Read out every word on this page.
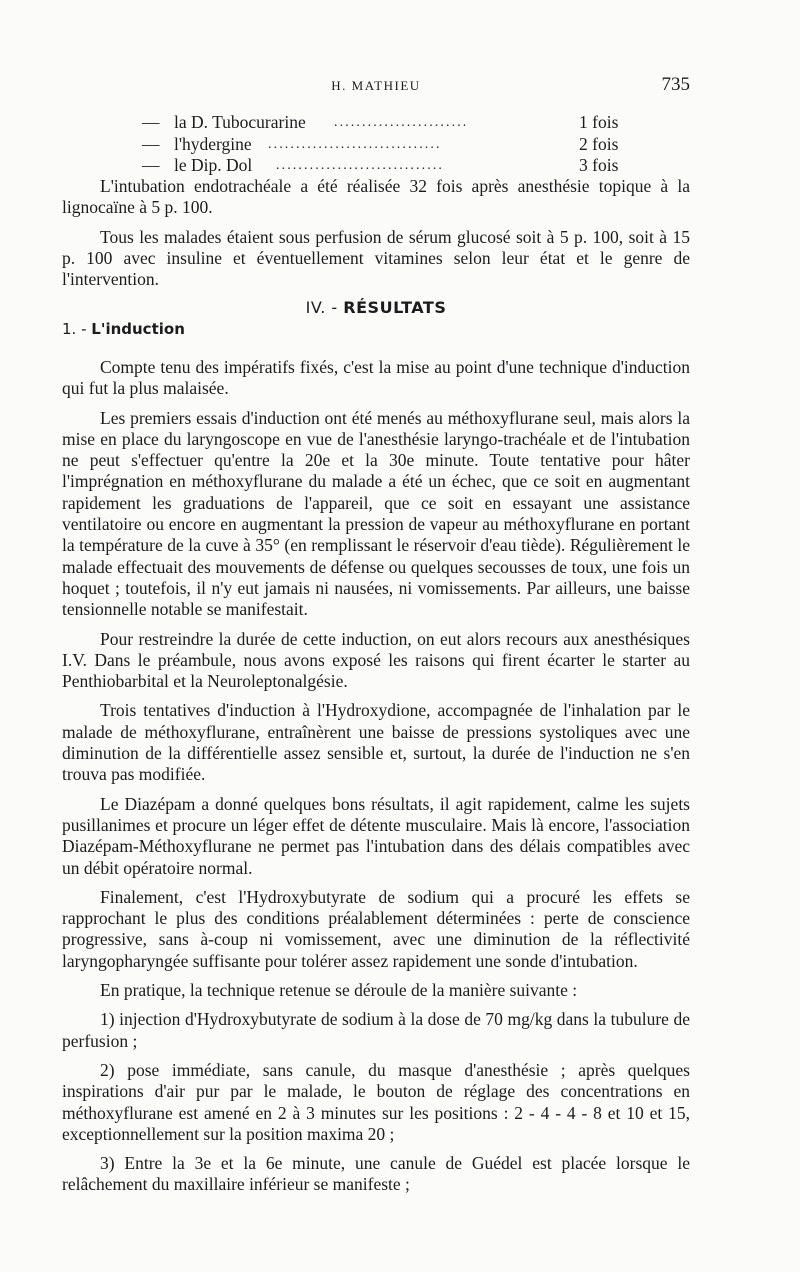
H. MATHIEU	735
— la D. Tubocurarine ........................	1 fois
— l'hydergine ...............................	2 fois
— le Dip. Dol ..............................	3 fois

L'intubation endotrachéale a été réalisée 32 fois après anesthésie topique à la lignocaïne à 5 p. 100.

Tous les malades étaient sous perfusion de sérum glucosé soit à 5 p. 100, soit à 15 p. 100 avec insuline et éventuellement vitamines selon leur état et le genre de l'intervention.

IV. - RÉSULTATS
1. - L'induction

Compte tenu des impératifs fixés, c'est la mise au point d'une technique d'induction qui fut la plus malaisée.

Les premiers essais d'induction ont été menés au méthoxyflurane seul, mais alors la mise en place du laryngoscope en vue de l'anesthésie laryngo-trachéale et de l'intubation ne peut s'effectuer qu'entre la 20e et la 30e minute. Toute tentative pour hâter l'imprégnation en méthoxyflurane du malade a été un échec, que ce soit en augmentant rapidement les graduations de l'appareil, que ce soit en essayant une assistance ventilatoire ou encore en augmentant la pression de vapeur au méthoxyflurane en portant la température de la cuve à 35° (en remplissant le réservoir d'eau tiède). Régulièrement le malade effectuait des mouvements de défense ou quelques secousses de toux, une fois un hoquet ; toutefois, il n'y eut jamais ni nausées, ni vomissements. Par ailleurs, une baisse tensionnelle notable se manifestait.

Pour restreindre la durée de cette induction, on eut alors recours aux anesthésiques I.V. Dans le préambule, nous avons exposé les raisons qui firent écarter le starter au Penthiobarbital et la Neuroleptonalgésie.

Trois tentatives d'induction à l'Hydroxydione, accompagnée de l'inhalation par le malade de méthoxyflurane, entraînèrent une baisse de pressions systoliques avec une diminution de la différentielle assez sensible et, surtout, la durée de l'induction ne s'en trouva pas modifiée.

Le Diazépam a donné quelques bons résultats, il agit rapidement, calme les sujets pusillanimes et procure un léger effet de détente musculaire. Mais là encore, l'association Diazépam-Méthoxyflurane ne permet pas l'intubation dans des délais compatibles avec un débit opératoire normal.

Finalement, c'est l'Hydroxybutyrate de sodium qui a procuré les effets se rapprochant le plus des conditions préalablement déterminées : perte de conscience progressive, sans à-coup ni vomissement, avec une diminution de la réflectivité laryngopharyngée suffisante pour tolérer assez rapidement une sonde d'intubation.

En pratique, la technique retenue se déroule de la manière suivante :

1) injection d'Hydroxybutyrate de sodium à la dose de 70 mg/kg dans la tubulure de perfusion ;

2) pose immédiate, sans canule, du masque d'anesthésie ; après quelques inspirations d'air pur par le malade, le bouton de réglage des concentrations en méthoxyflurane est amené en 2 à 3 minutes sur les positions : 2 - 4 - 4 - 8 et 10 et 15, exceptionnellement sur la position maxima 20 ;

3) Entre la 3e et la 6e minute, une canule de Guédel est placée lorsque le relâchement du maxillaire inférieur se manifeste ;
